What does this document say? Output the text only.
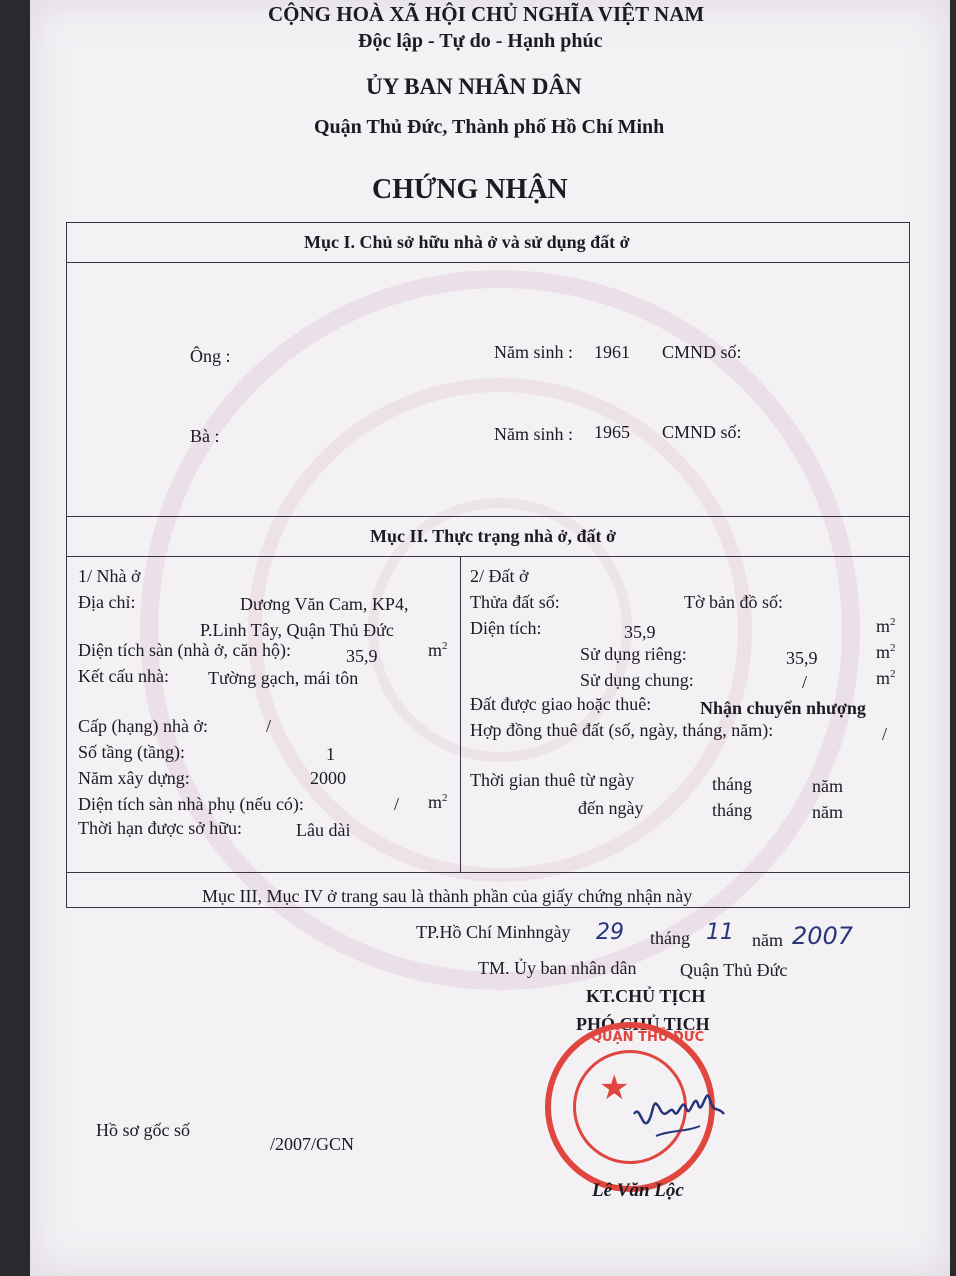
CỘNG HOÀ XÃ HỘI CHỦ NGHĨA VIỆT NAM
Độc lập - Tự do - Hạnh phúc
ỦY BAN NHÂN DÂN
Quận Thủ Đức, Thành phố Hồ Chí Minh
CHỨNG NHẬN
Mục I. Chủ sở hữu nhà ở và sử dụng đất ở
Ông :	Năm sinh : 1961 CMND số:
Bà :	Năm sinh : 1965 CMND số:
Mục II. Thực trạng nhà ở, đất ở
1/ Nhà ở
Địa chỉ:	Dương Văn Cam, KP4,
P.Linh Tây, Quận Thủ Đức
Diện tích sàn (nhà ở, căn hộ):	35,9	$m^2$
Kết cấu nhà: Tường gạch, mái tôn
Cấp (hạng) nhà ở:	/
Số tầng (tầng):	1
Năm xây dựng:	2000
Diện tích sàn nhà phụ (nếu có):	/ $m^2$
Thời hạn được sở hữu:	Lâu dài
2/ Đất ở
Thửa đất số:	Tờ bản đồ số:
Diện tích:	35,9	$m^2$
Sử dụng riêng:	35,9	$m^2$
Sử dụng chung:	/	$m^2$
Đất được giao hoặc thuê:	Nhận chuyển nhượng
Hợp đồng thuê đất (số, ngày, tháng, năm):	/
Thời gian thuê từ ngày	tháng	năm
đến ngày	tháng	năm
Mục III, Mục IV ở trang sau là thành phần của giấy chứng nhận này
TP.Hồ Chí Minhngày 29 tháng 11 năm 2007
TM. Ủy ban nhân dân Quận Thủ Đức
KT.CHỦ TỊCH
PHÓ CHỦ TỊCH
★
QUẬN THỦ ĐỨC
Lê Văn Lộc
Hồ sơ gốc số
/2007/GCN
